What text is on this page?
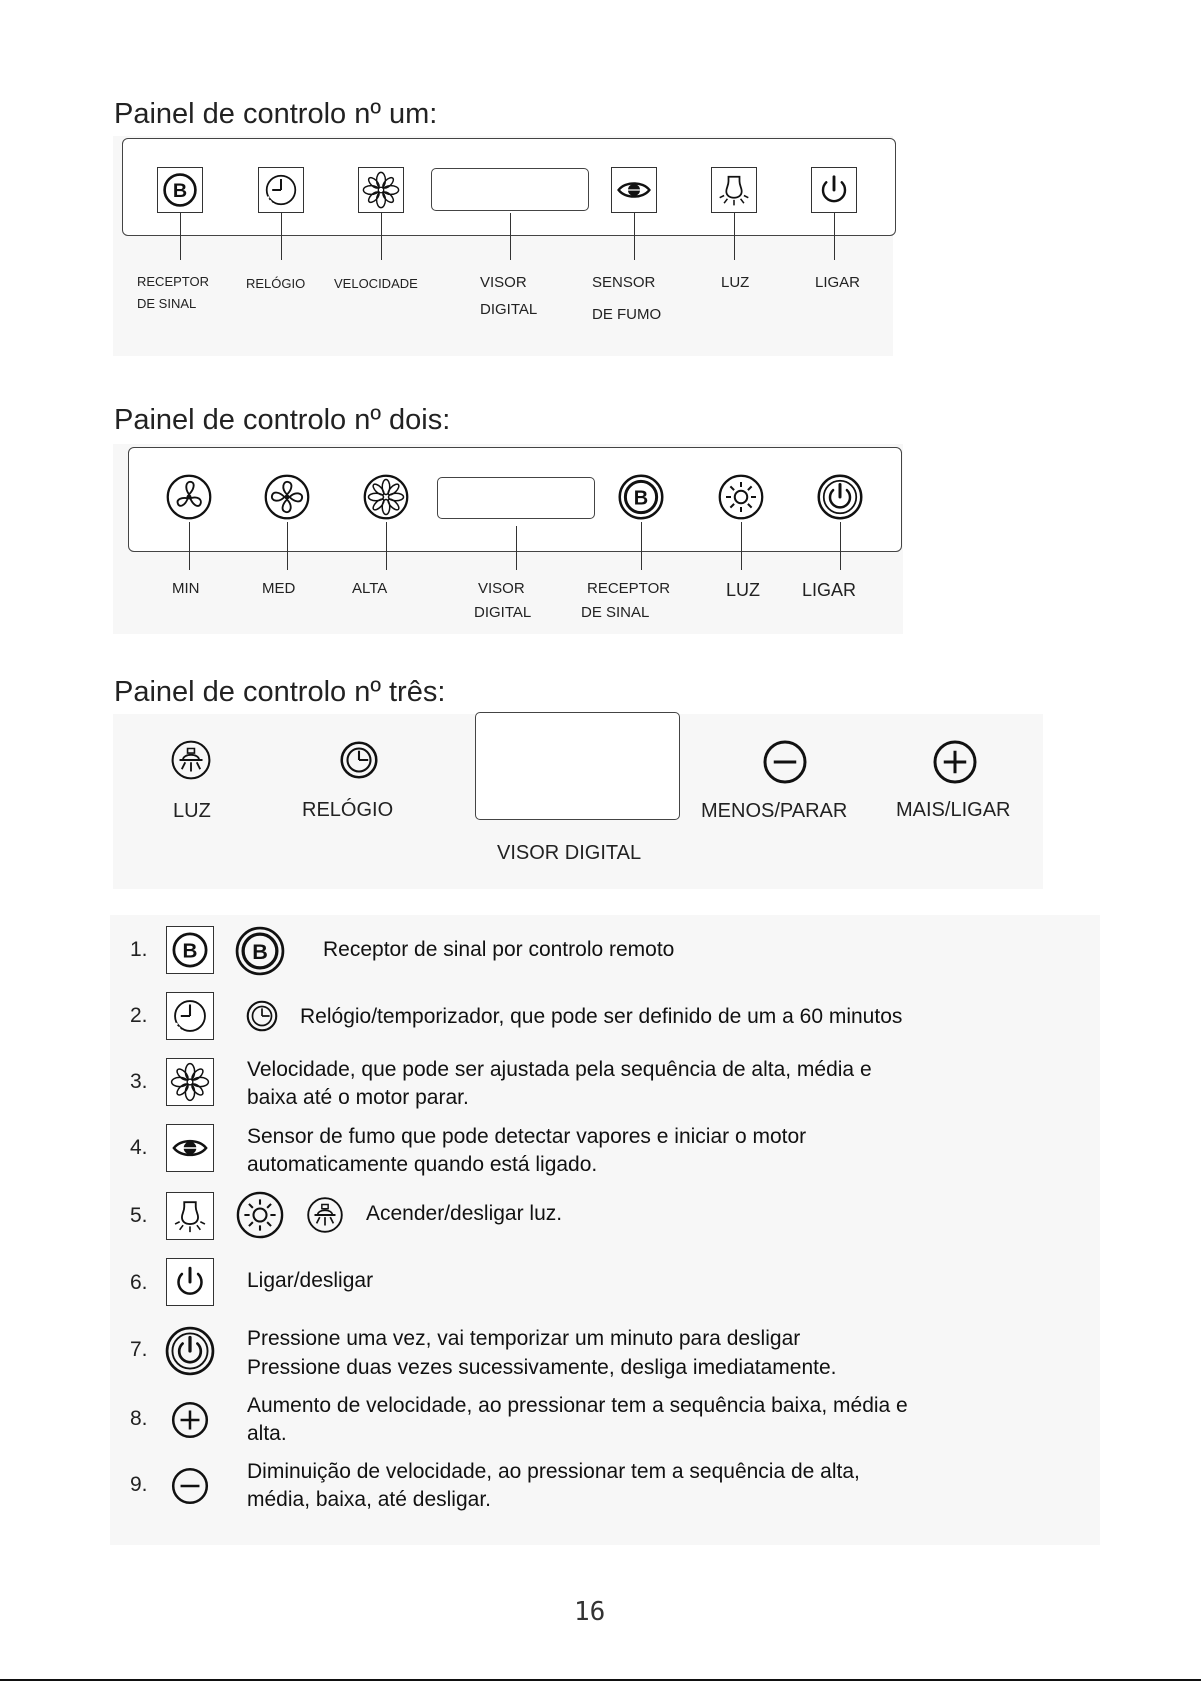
Painel de controlo nº um:
RECEPTOR
DE SINAL
RELÓGIO VELOCIDADE	VISOR
DIGITAL
SENSOR
DE FUMO
LUZ	LIGAR
Painel de controlo nº dois:
MIN	MED	ALTA	VISOR
DIGITAL
RECEPTOR
DE SINAL
LUZ LIGAR
Painel de controlo nº três:
LUZ	RELÓGIO
VISOR DIGITAL
MENOS/PARAR MAIS/LIGAR
1.	Receptor de sinal por controlo remoto
2.	Relógio/temporizador, que pode ser definido de um a 60 minutos
3.
Velocidade, que pode ser ajustada pela sequência de alta, média e
baixa até o motor parar.
4.	Sensor de fumo que pode detectar vapores e iniciar o motor
automaticamente quando está ligado.
5.	Acender/desligar luz.
6.	Ligar/desligar
7.	Pressione uma vez, vai temporizar um minuto para desligar
Pressione duas vezes sucessivamente, desliga imediatamente.
8.
Aumento de velocidade, ao pressionar tem a sequência baixa, média e
alta.
9.
Diminuição de velocidade, ao pressionar tem a sequência de alta,
média, baixa, até desligar.
16
